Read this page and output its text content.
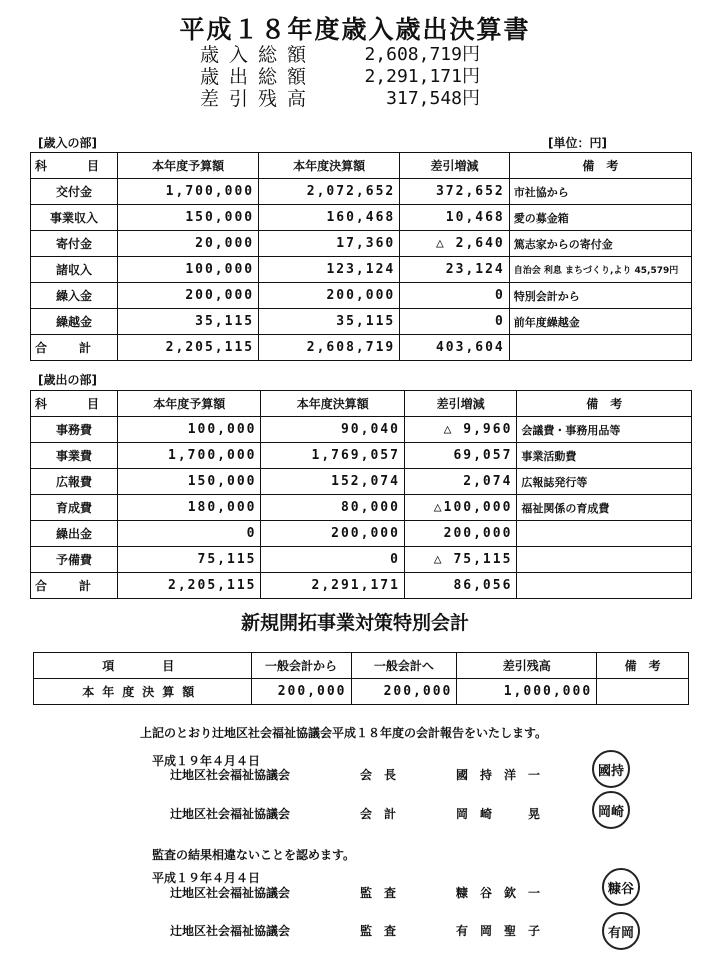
平成１８年度歳入歳出決算書
歳入総額	2,608,719円
歳出総額	2,291,171円
差引残高	317,548円
[歳入の部]	[単位：円]
科　目	本年度予算額	本年度決算額	差引増減	備　考
交付金	1,700,000	2,072,652	372,652	市社協から
事業収入	150,000	160,468	10,468	愛の募金箱
寄付金	20,000	17,360	△ 2,640	篤志家からの寄付金
諸収入	100,000	123,124	23,124	自治会 利息 まちづくり,より 45,579円
繰入金	200,000	200,000	0	特別会計から
繰越金	35,115	35,115	0	前年度繰越金
合　計	2,205,115	2,608,719	403,604	
[歳出の部]
科　目	本年度予算額	本年度決算額	差引増減	備　考
事務費	100,000	90,040	△ 9,960	会議費・事務用品等
事業費	1,700,000	1,769,057	69,057	事業活動費
広報費	150,000	152,074	2,074	広報誌発行等
育成費	180,000	80,000	△100,000	福祉関係の育成費
繰出金	0	200,000	200,000	
予備費	75,115	0	△ 75,115	
合　計	2,205,115	2,291,171	86,056	
新規開拓事業対策特別会計
項　　目	一般会計から	一般会計へ	差引残高	備　考
本年度決算額	200,000	200,000	1,000,000	
上記のとおり辻地区社会福祉協議会平成１８年度の会計報告をいたします。
平成１９年４月４日
辻地区社会福祉協議会	会　長	國　持　洋　一	國持
辻地区社会福祉協議会	会　計	岡　崎　　　晃	岡崎
監査の結果相違ないことを認めます。
平成１９年４月４日
辻地区社会福祉協議会	監　査	糠　谷　欽　一	糠谷
辻地区社会福祉協議会	監　査	有　岡　聖　子	有岡
